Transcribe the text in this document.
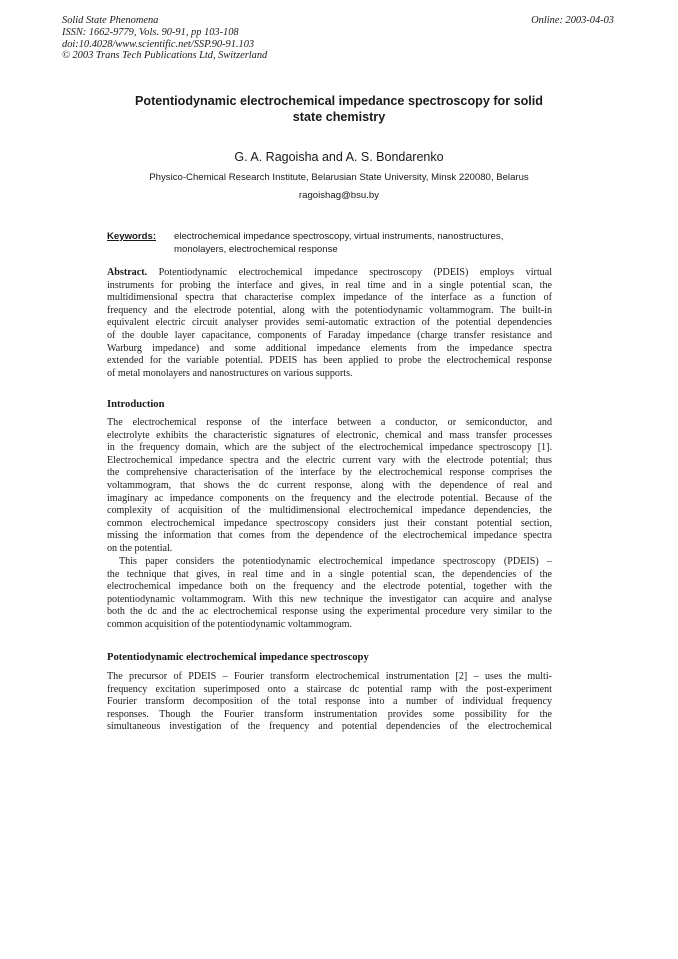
Solid State Phenomena
ISSN: 1662-9779, Vols. 90-91, pp 103-108
doi:10.4028/www.scientific.net/SSP.90-91.103
© 2003 Trans Tech Publications Ltd, Switzerland
Online: 2003-04-03
Potentiodynamic electrochemical impedance spectroscopy for solid
state chemistry
G. A. Ragoisha and A. S. Bondarenko
Physico-Chemical Research Institute, Belarusian State University, Minsk 220080, Belarus
ragoishag@bsu.by
Keywords: electrochemical impedance spectroscopy, virtual instruments, nanostructures,
monolayers, electrochemical response
Abstract. Potentiodynamic electrochemical impedance spectroscopy (PDEIS) employs virtual
instruments for probing the interface and gives, in real time and in a single potential scan, the
multidimensional spectra that characterise complex impedance of the interface as a function of
frequency and the electrode potential, along with the potentiodynamic voltammogram. The built-in
equivalent electric circuit analyser provides semi-automatic extraction of the potential dependencies
of the double layer capacitance, components of Faraday impedance (charge transfer resistance and
Warburg impedance) and some additional impedance elements from the impedance spectra
extended for the variable potential. PDEIS has been applied to probe the electrochemical response
of metal monolayers and nanostructures on various supports.
Introduction
The electrochemical response of the interface between a conductor, or semiconductor, and
electrolyte exhibits the characteristic signatures of electronic, chemical and mass transfer processes
in the frequency domain, which are the subject of the electrochemical impedance spectroscopy [1].
Electrochemical impedance spectra and the electric current vary with the electrode potential; thus
the comprehensive characterisation of the interface by the electrochemical response comprises the
voltammogram, that shows the dc current response, along with the dependence of real and
imaginary ac impedance components on the frequency and the electrode potential. Because of the
complexity of acquisition of the multidimensional electrochemical impedance dependencies, the
common electrochemical impedance spectroscopy considers just their constant potential section,
missing the information that comes from the dependence of the electrochemical impedance spectra
on the potential.
This paper considers the potentiodynamic electrochemical impedance spectroscopy (PDEIS) –
the technique that gives, in real time and in a single potential scan, the dependencies of the
electrochemical impedance both on the frequency and the electrode potential, together with the
potentiodynamic voltammogram. With this new technique the investigator can acquire and analyse
both the dc and the ac electrochemical response using the experimental procedure very similar to the
common acquisition of the potentiodynamic voltammogram.
Potentiodynamic electrochemical impedance spectroscopy
The precursor of PDEIS – Fourier transform electrochemical instrumentation [2] – uses the multi-
frequency excitation superimposed onto a staircase dc potential ramp with the post-experiment
Fourier transform decomposition of the total response into a number of individual frequency
responses. Though the Fourier transform instrumentation provides some possibility for the
simultaneous investigation of the frequency and potential dependencies of the electrochemical
